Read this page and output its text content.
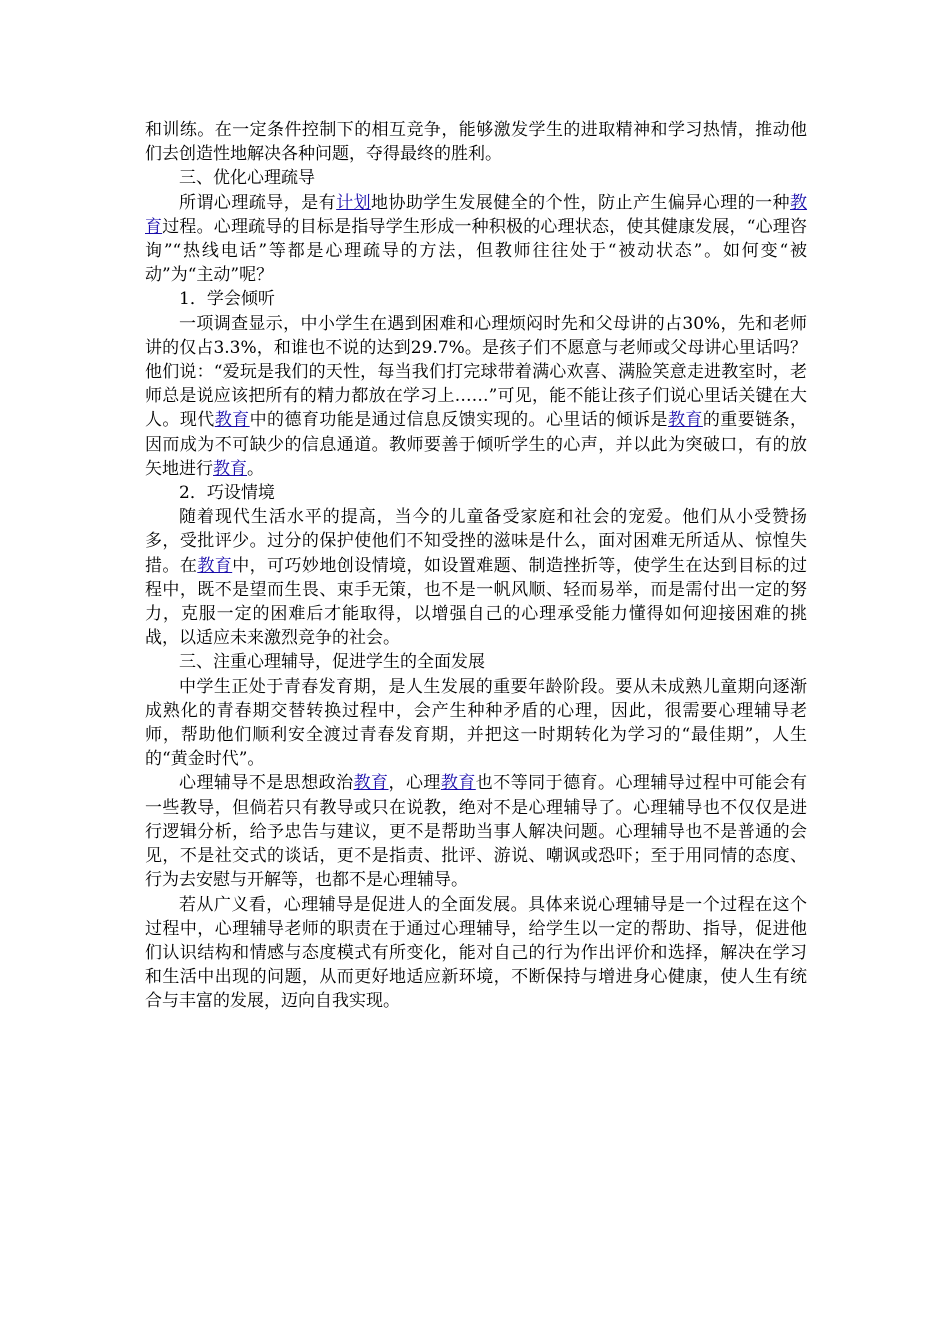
和训练。在一定条件控制下的相互竞争，能够激发学生的进取精神和学习热情，推动他们去创造性地解决各种问题，夺得最终的胜利。

三、优化心理疏导

所谓心理疏导，是有计划地协助学生发展健全的个性，防止产生偏异心理的一种教育过程。心理疏导的目标是指导学生形成一种积极的心理状态，使其健康发展，“心理咨询”“热线电话”等都是心理疏导的方法，但教师往往处于“被动状态”。如何变“被动”为“主动”呢？

1．学会倾听

一项调查显示，中小学生在遇到困难和心理烦闷时先和父母讲的占30%，先和老师讲的仅占3.3%，和谁也不说的达到29.7%。是孩子们不愿意与老师或父母讲心里话吗？他们说：“爱玩是我们的天性，每当我们打完球带着满心欢喜、满脸笑意走进教室时，老师总是说应该把所有的精力都放在学习上……”可见，能不能让孩子们说心里话关键在大人。现代教育中的德育功能是通过信息反馈实现的。心里话的倾诉是教育的重要链条，因而成为不可缺少的信息通道。教师要善于倾听学生的心声，并以此为突破口，有的放矢地进行教育。

2．巧设情境

随着现代生活水平的提高，当今的儿童备受家庭和社会的宠爱。他们从小受赞扬多，受批评少。过分的保护使他们不知受挫的滋味是什么，面对困难无所适从、惊惶失措。在教育中，可巧妙地创设情境，如设置难题、制造挫折等，使学生在达到目标的过程中，既不是望而生畏、束手无策，也不是一帆风顺、轻而易举，而是需付出一定的努力，克服一定的困难后才能取得，以增强自己的心理承受能力懂得如何迎接困难的挑战，以适应未来激烈竞争的社会。

三、注重心理辅导，促进学生的全面发展

中学生正处于青春发育期，是人生发展的重要年龄阶段。要从未成熟儿童期向逐渐成熟化的青春期交替转换过程中，会产生种种矛盾的心理，因此，很需要心理辅导老师，帮助他们顺利安全渡过青春发育期，并把这一时期转化为学习的“最佳期”，人生的“黄金时代”。

心理辅导不是思想政治教育，心理教育也不等同于德育。心理辅导过程中可能会有一些教导，但倘若只有教导或只在说教，绝对不是心理辅导了。心理辅导也不仅仅是进行逻辑分析，给予忠告与建议，更不是帮助当事人解决问题。心理辅导也不是普通的会见，不是社交式的谈话，更不是指责、批评、游说、嘲讽或恐吓；至于用同情的态度、行为去安慰与开解等，也都不是心理辅导。

若从广义看，心理辅导是促进人的全面发展。具体来说心理辅导是一个过程在这个过程中，心理辅导老师的职责在于通过心理辅导，给学生以一定的帮助、指导，促进他们认识结构和情感与态度模式有所变化，能对自己的行为作出评价和选择，解决在学习和生活中出现的问题，从而更好地适应新环境，不断保持与增进身心健康，使人生有统合与丰富的发展，迈向自我实现。
